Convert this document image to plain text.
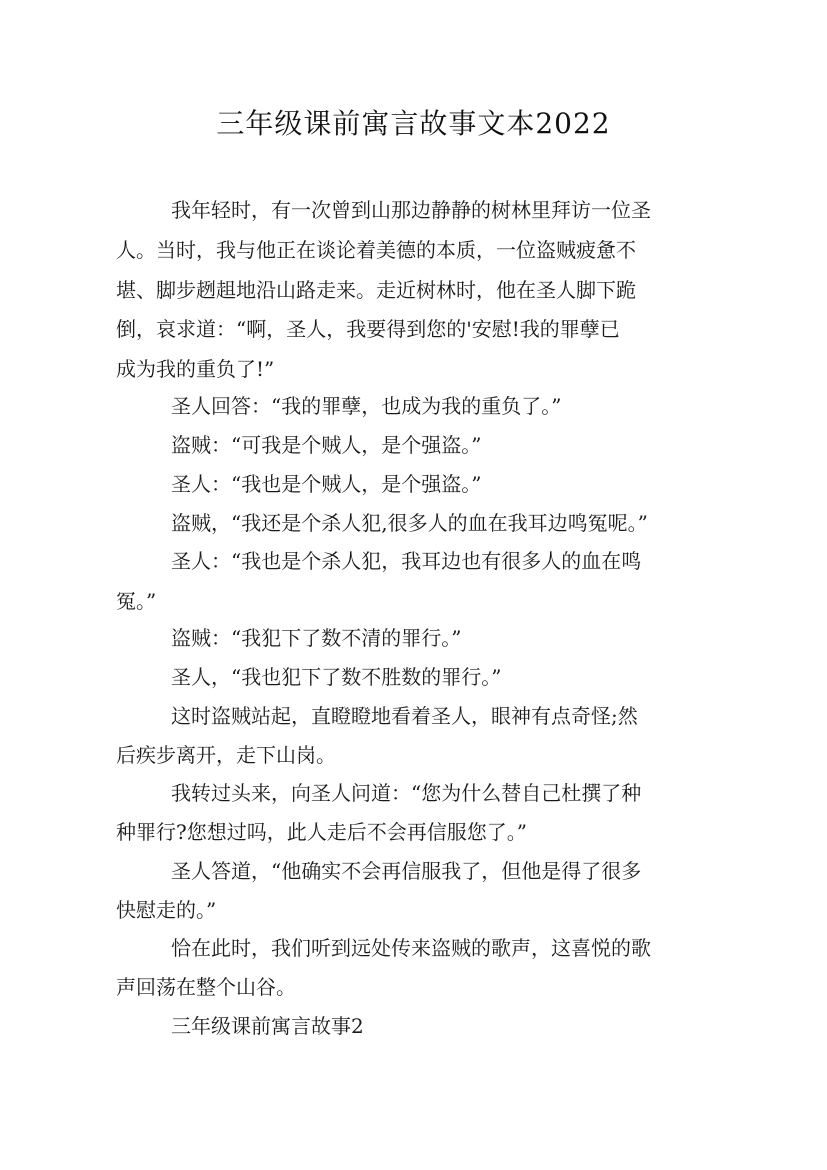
三年级课前寓言故事文本2022
我年轻时，有一次曾到山那边静静的树林里拜访一位圣
人。当时，我与他正在谈论着美德的本质，一位盗贼疲惫不
堪、脚步趔趄地沿山路走来。走近树林时，他在圣人脚下跪
倒，哀求道：“啊，圣人，我要得到您的'安慰!我的罪孽已
成为我的重负了!”
圣人回答：“我的罪孽，也成为我的重负了。”
盗贼：“可我是个贼人，是个强盗。”
圣人：“我也是个贼人，是个强盗。”
盗贼，“我还是个杀人犯,很多人的血在我耳边鸣冤呢。”
圣人：“我也是个杀人犯，我耳边也有很多人的血在鸣
冤。”
盗贼：“我犯下了数不清的罪行。”
圣人，“我也犯下了数不胜数的罪行。”
这时盗贼站起，直瞪瞪地看着圣人，眼神有点奇怪;然
后疾步离开，走下山岗。
我转过头来，向圣人问道：“您为什么替自己杜撰了种
种罪行?您想过吗，此人走后不会再信服您了。”
圣人答道，“他确实不会再信服我了，但他是得了很多
快慰走的。”
恰在此时，我们听到远处传来盗贼的歌声，这喜悦的歌
声回荡在整个山谷。
三年级课前寓言故事2
